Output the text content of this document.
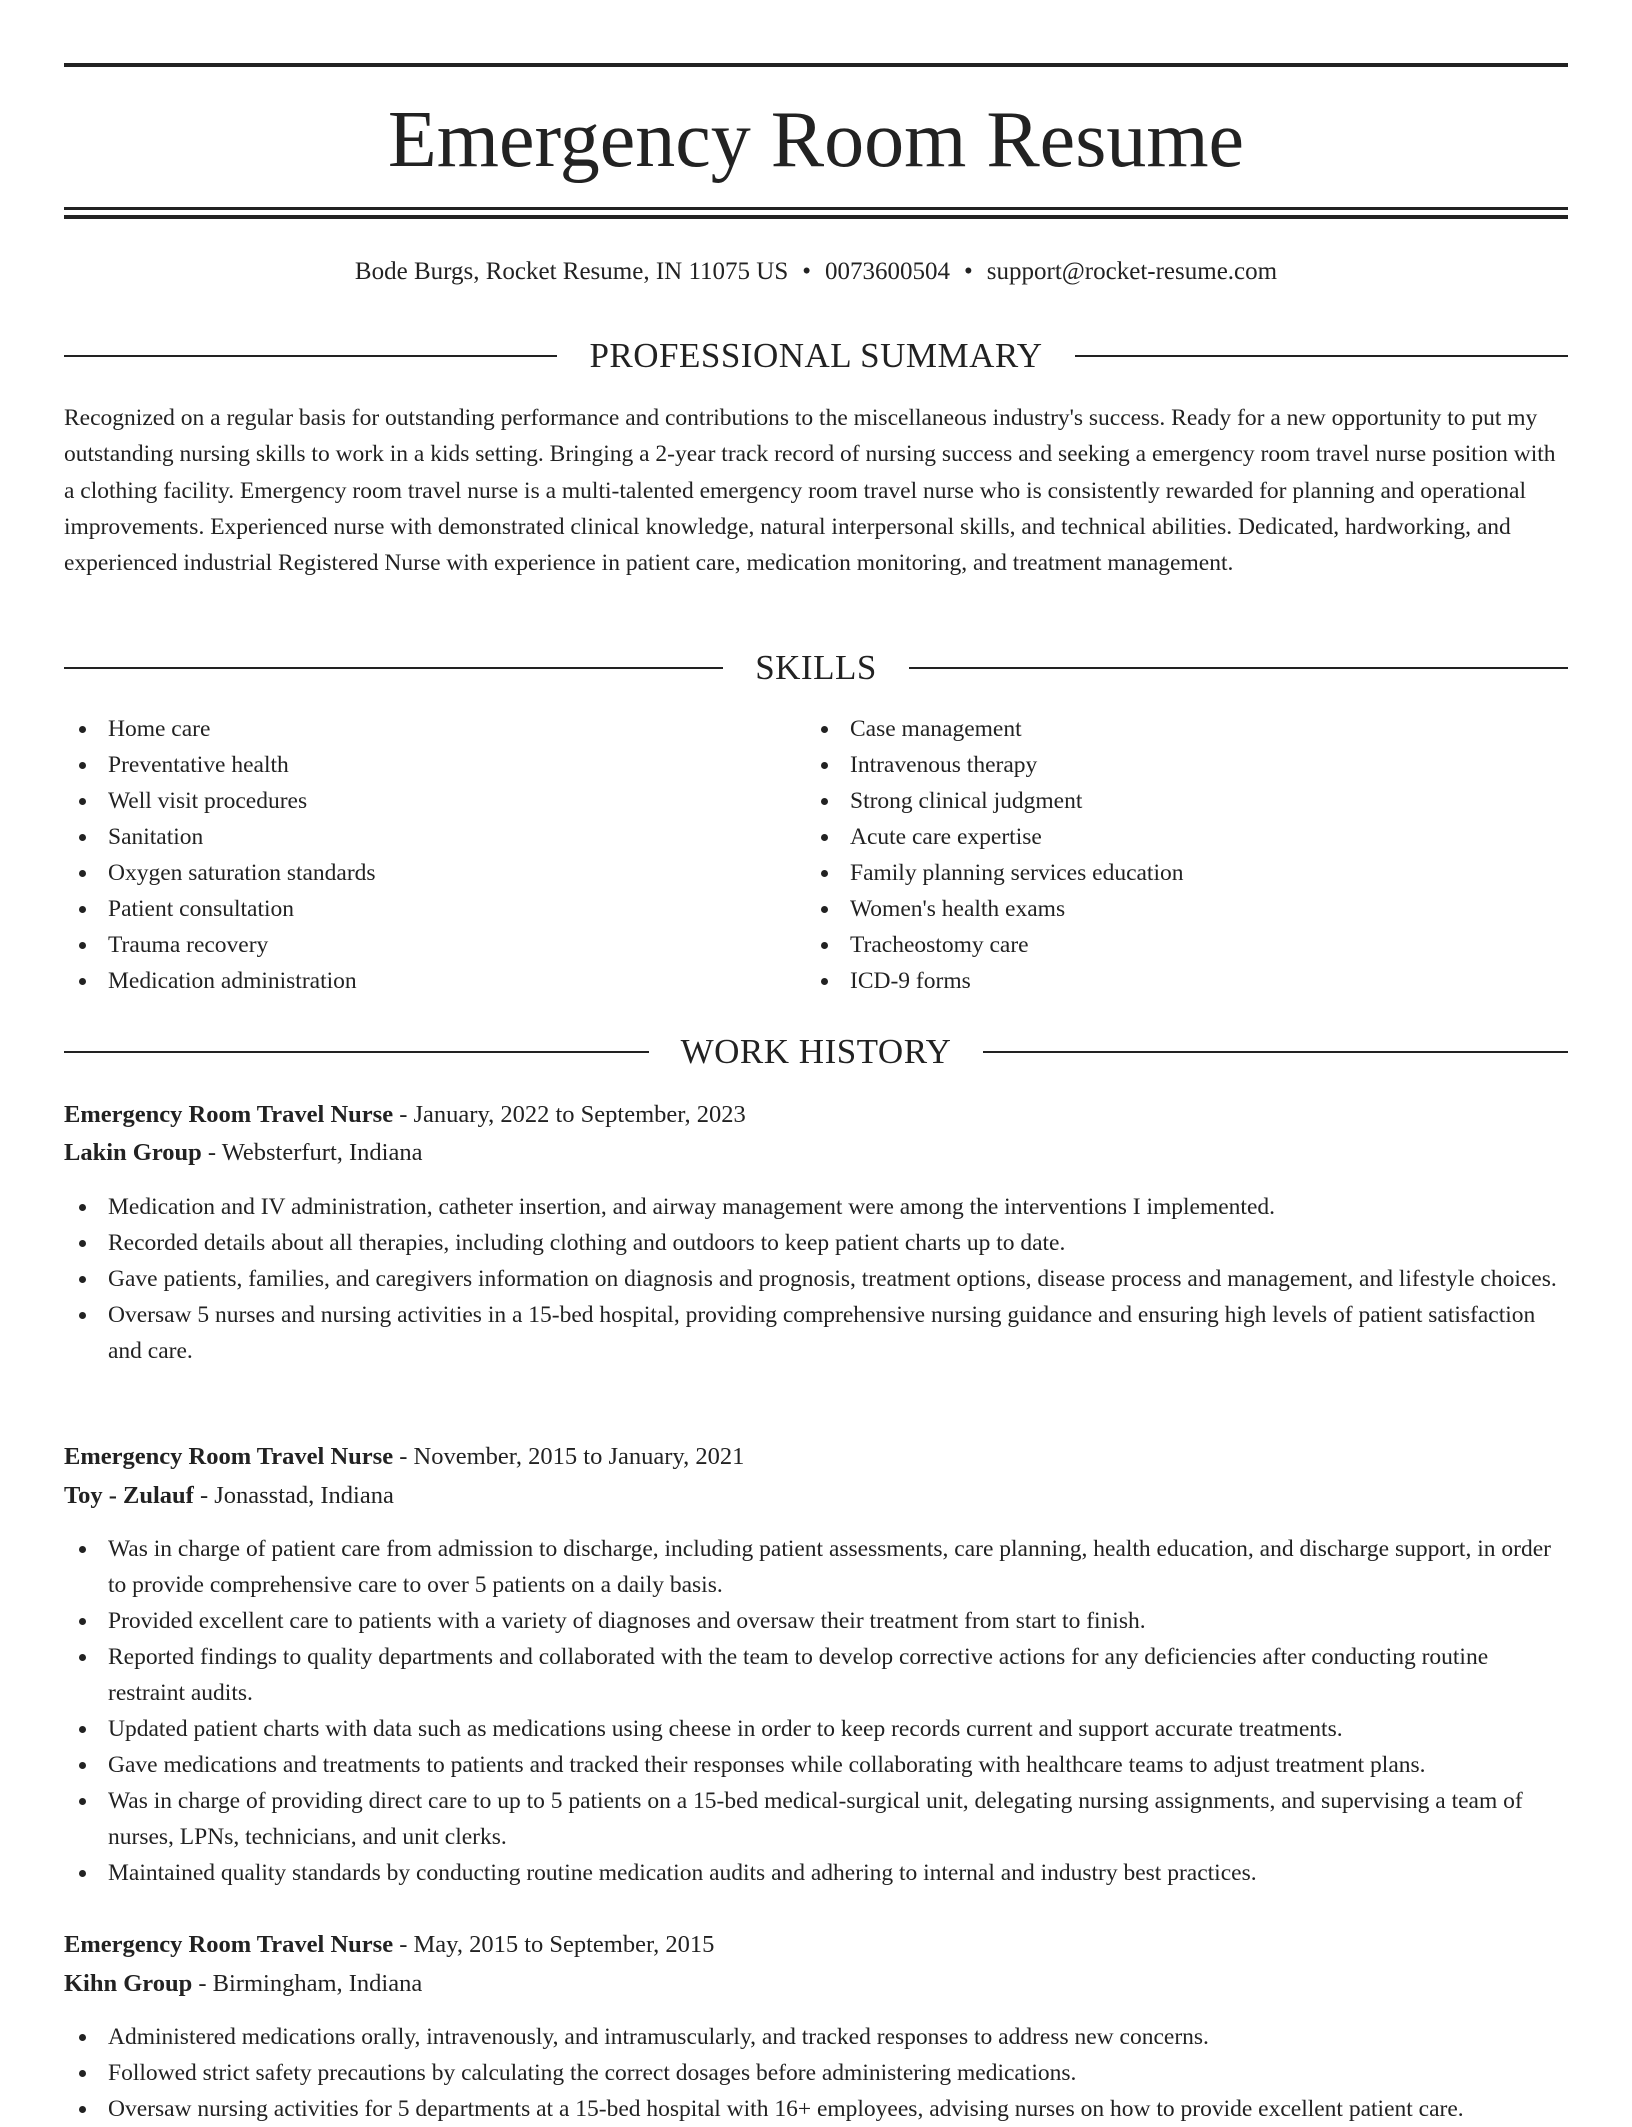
Emergency Room Resume
Bode Burgs, Rocket Resume, IN 11075 US • 0073600504 • support@rocket-resume.com
PROFESSIONAL SUMMARY

Recognized on a regular basis for outstanding performance and contributions to the miscellaneous industry's success. Ready for a new opportunity to put my outstanding nursing skills to work in a kids setting. Bringing a 2-year track record of nursing success and seeking a emergency room travel nurse position with a clothing facility. Emergency room travel nurse is a multi-talented emergency room travel nurse who is consistently rewarded for planning and operational improvements. Experienced nurse with demonstrated clinical knowledge, natural interpersonal skills, and technical abilities. Dedicated, hardworking, and experienced industrial Registered Nurse with experience in patient care, medication monitoring, and treatment management.

SKILLS
Home care
Preventative health
Well visit procedures
Sanitation
Oxygen saturation standards
Patient consultation
Trauma recovery
Medication administration
Case management
Intravenous therapy
Strong clinical judgment
Acute care expertise
Family planning services education
Women's health exams
Tracheostomy care
ICD-9 forms
WORK HISTORY
Emergency Room Travel Nurse - January, 2022 to September, 2023
Lakin Group - Websterfurt, Indiana
Medication and IV administration, catheter insertion, and airway management were among the interventions I implemented.
Recorded details about all therapies, including clothing and outdoors to keep patient charts up to date.
Gave patients, families, and caregivers information on diagnosis and prognosis, treatment options, disease process and management, and lifestyle choices.
Oversaw 5 nurses and nursing activities in a 15-bed hospital, providing comprehensive nursing guidance and ensuring high levels of patient satisfaction and care.
Emergency Room Travel Nurse - November, 2015 to January, 2021
Toy - Zulauf - Jonasstad, Indiana
Was in charge of patient care from admission to discharge, including patient assessments, care planning, health education, and discharge support, in order to provide comprehensive care to over 5 patients on a daily basis.
Provided excellent care to patients with a variety of diagnoses and oversaw their treatment from start to finish.
Reported findings to quality departments and collaborated with the team to develop corrective actions for any deficiencies after conducting routine restraint audits.
Updated patient charts with data such as medications using cheese in order to keep records current and support accurate treatments.
Gave medications and treatments to patients and tracked their responses while collaborating with healthcare teams to adjust treatment plans.
Was in charge of providing direct care to up to 5 patients on a 15-bed medical-surgical unit, delegating nursing assignments, and supervising a team of nurses, LPNs, technicians, and unit clerks.
Maintained quality standards by conducting routine medication audits and adhering to internal and industry best practices.
Emergency Room Travel Nurse - May, 2015 to September, 2015
Kihn Group - Birmingham, Indiana
Administered medications orally, intravenously, and intramuscularly, and tracked responses to address new concerns.
Followed strict safety precautions by calculating the correct dosages before administering medications.
Oversaw nursing activities for 5 departments at a 15-bed hospital with 16+ employees, advising nurses on how to provide excellent patient care.
